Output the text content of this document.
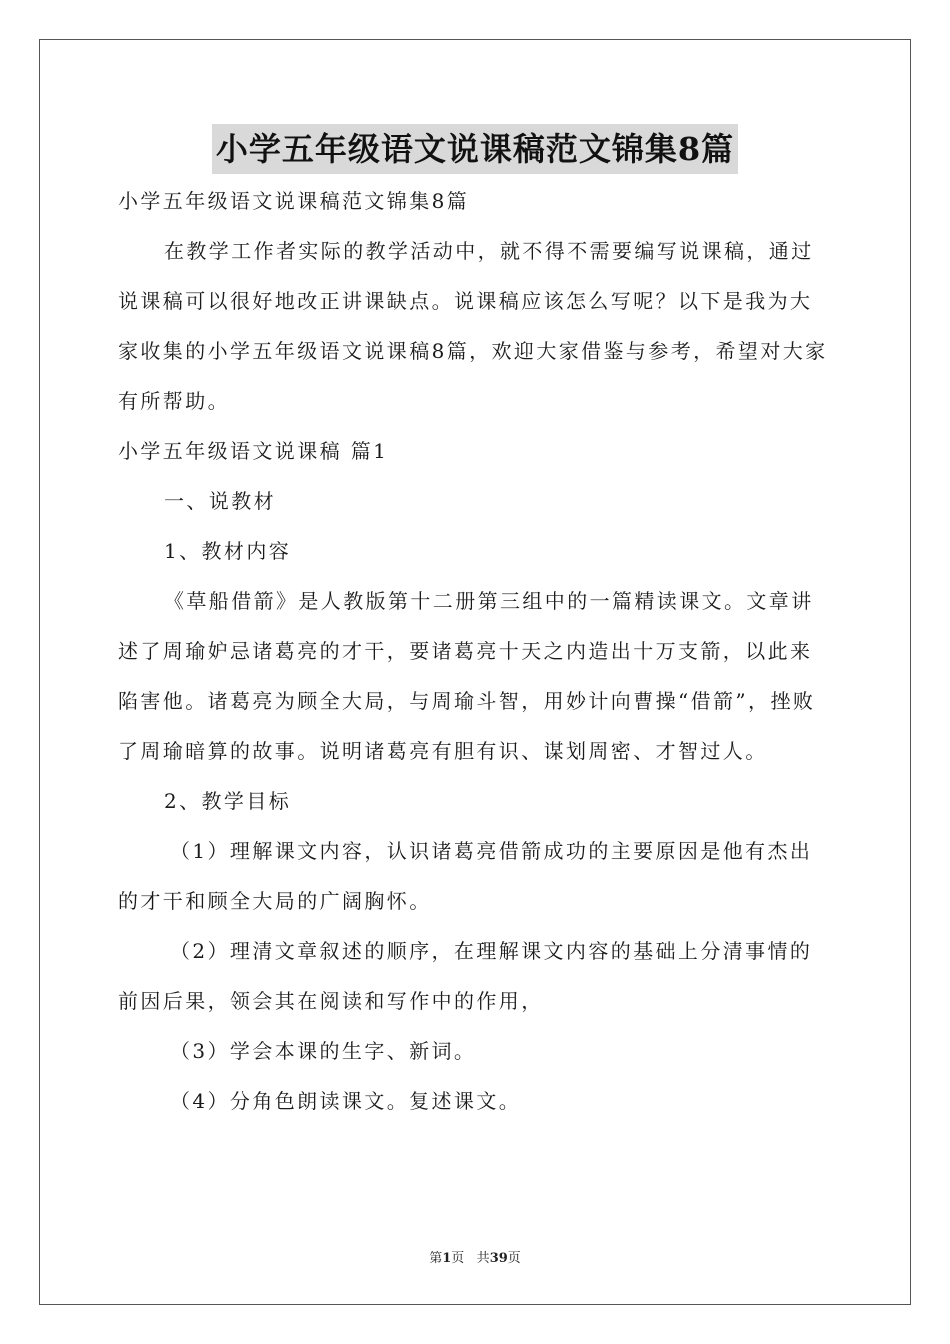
小学五年级语文说课稿范文锦集8篇

小学五年级语文说课稿范文锦集8篇

在教学工作者实际的教学活动中，就不得不需要编写说课稿，通过说课稿可以很好地改正讲课缺点。说课稿应该怎么写呢？以下是我为大家收集的小学五年级语文说课稿8篇，欢迎大家借鉴与参考，希望对大家有所帮助。

小学五年级语文说课稿 篇1

一、说教材

1、教材内容

《草船借箭》是人教版第十二册第三组中的一篇精读课文。文章讲述了周瑜妒忌诸葛亮的才干，要诸葛亮十天之内造出十万支箭，以此来陷害他。诸葛亮为顾全大局，与周瑜斗智，用妙计向曹操“借箭”，挫败了周瑜暗算的故事。说明诸葛亮有胆有识、谋划周密、才智过人。

2、教学目标

（1）理解课文内容，认识诸葛亮借箭成功的主要原因是他有杰出的才干和顾全大局的广阔胸怀。

（2）理清文章叙述的顺序，在理解课文内容的基础上分清事情的前因后果，领会其在阅读和写作中的作用，

（3）学会本课的生字、新词。

（4）分角色朗读课文。复述课文。

第1页 共39页
